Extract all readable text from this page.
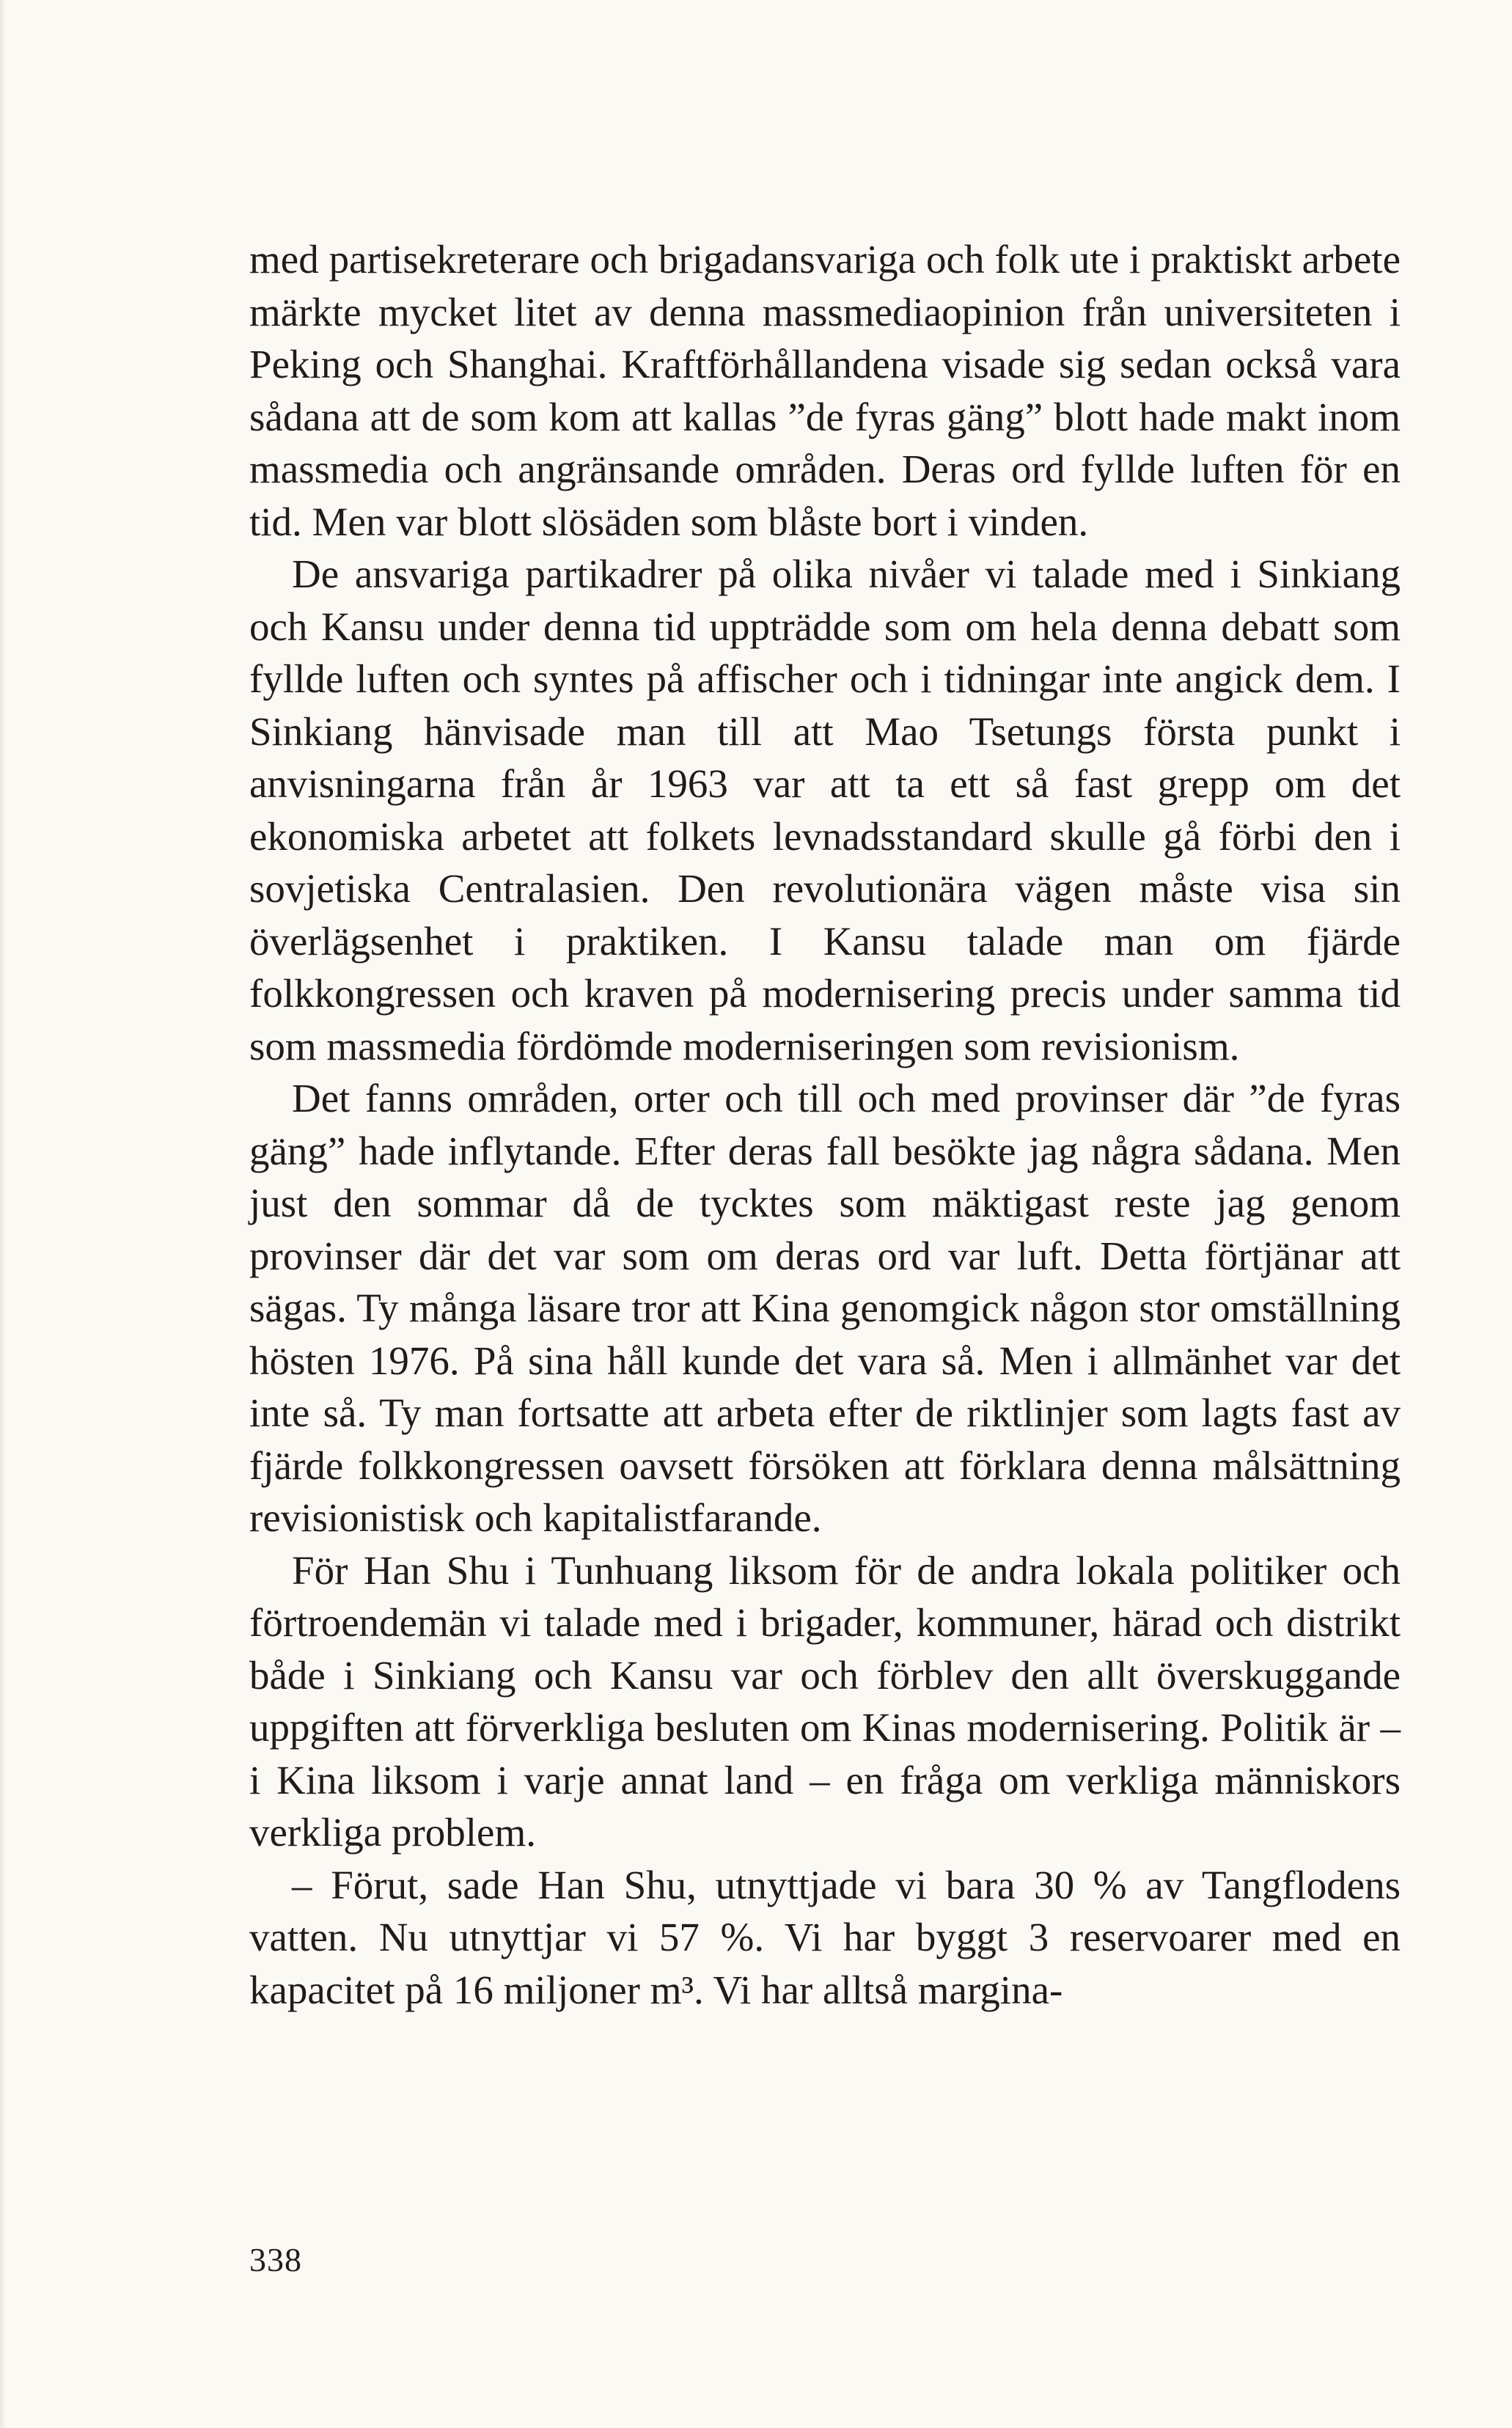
med partisekreterare och brigadansvariga och folk ute i praktiskt arbete märkte mycket litet av denna massmediaopinion från universiteten i Peking och Shanghai. Kraftförhållandena visade sig sedan också vara sådana att de som kom att kallas ”de fyras gäng” blott hade makt inom massmedia och angränsande områden. Deras ord fyllde luften för en tid. Men var blott slösäden som blåste bort i vinden.

De ansvariga partikadrer på olika nivåer vi talade med i Sinkiang och Kansu under denna tid uppträdde som om hela denna debatt som fyllde luften och syntes på affischer och i tidningar inte angick dem. I Sinkiang hänvisade man till att Mao Tsetungs första punkt i anvisningarna från år 1963 var att ta ett så fast grepp om det ekonomiska arbetet att folkets levnadsstandard skulle gå förbi den i sovjetiska Centralasien. Den revolutionära vägen måste visa sin överlägsenhet i praktiken. I Kansu talade man om fjärde folkkongressen och kraven på modernisering precis under samma tid som massmedia fördömde moderniseringen som revisionism.

Det fanns områden, orter och till och med provinser där ”de fyras gäng” hade inflytande. Efter deras fall besökte jag några sådana. Men just den sommar då de tycktes som mäktigast reste jag genom provinser där det var som om deras ord var luft. Detta förtjänar att sägas. Ty många läsare tror att Kina genomgick någon stor omställning hösten 1976. På sina håll kunde det vara så. Men i allmänhet var det inte så. Ty man fortsatte att arbeta efter de riktlinjer som lagts fast av fjärde folkkongressen oavsett försöken att förklara denna målsättning revisionistisk och kapitalistfarande.

För Han Shu i Tunhuang liksom för de andra lokala politiker och förtroendemän vi talade med i brigader, kommuner, härad och distrikt både i Sinkiang och Kansu var och förblev den allt överskuggande uppgiften att förverkliga besluten om Kinas modernisering. Politik är – i Kina liksom i varje annat land – en fråga om verkliga människors verkliga problem.

– Förut, sade Han Shu, utnyttjade vi bara 30 % av Tangflodens vatten. Nu utnyttjar vi 57 %. Vi har byggt 3 reservoarer med en kapacitet på 16 miljoner m³. Vi har alltså margina-

338
